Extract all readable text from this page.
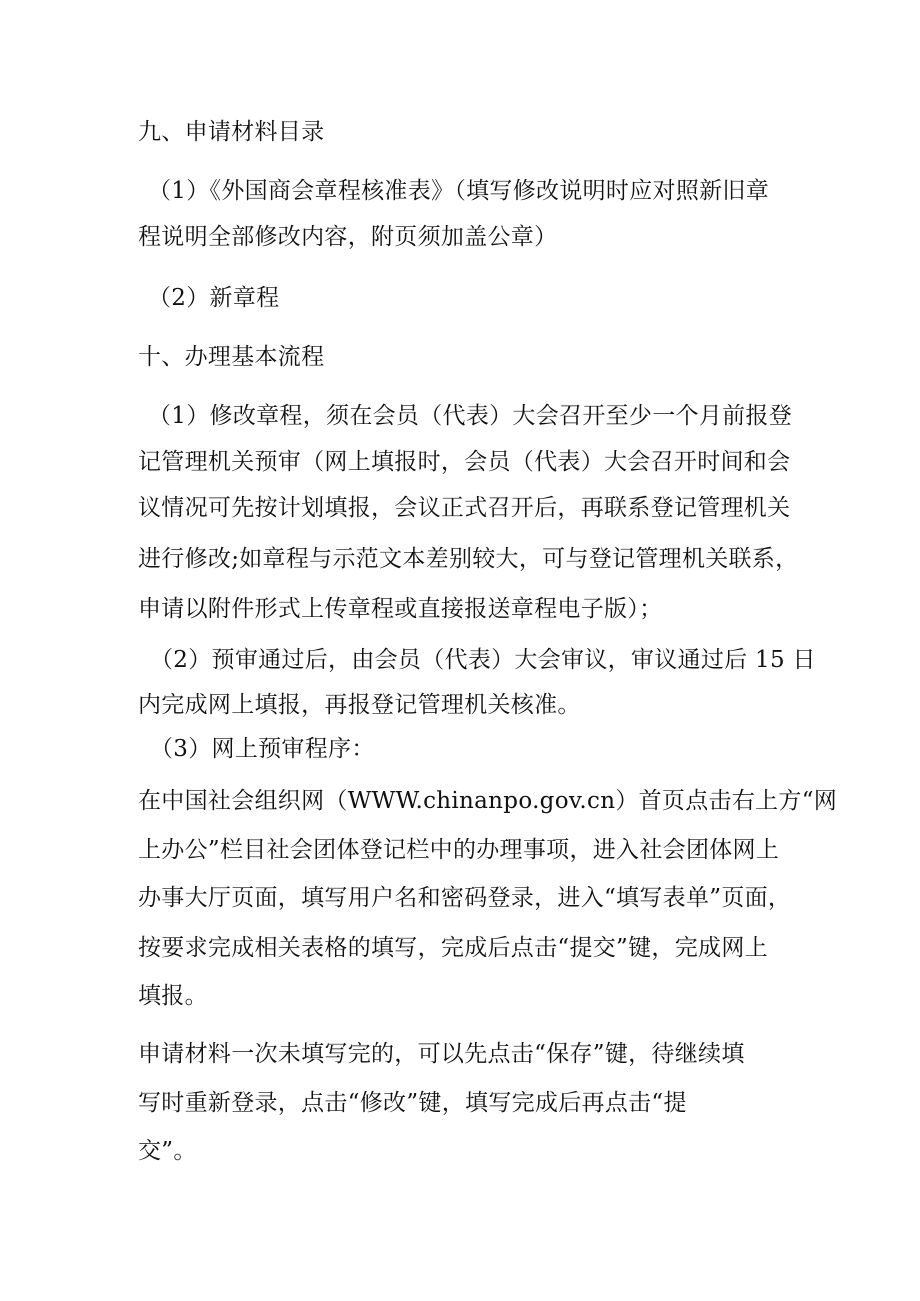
九、申请材料目录

（1）《外国商会章程核准表》（填写修改说明时应对照新旧章

程说明全部修改内容，附页须加盖公章）

（2）新章程

十、办理基本流程

（1）修改章程，须在会员（代表）大会召开至少一个月前报登

记管理机关预审（网上填报时，会员（代表）大会召开时间和会

议情况可先按计划填报，会议正式召开后，再联系登记管理机关

进行修改;如章程与示范文本差别较大，可与登记管理机关联系，

申请以附件形式上传章程或直接报送章程电子版）；

（2）预审通过后，由会员（代表）大会审议，审议通过后 15 日

内完成网上填报，再报登记管理机关核准。

（3）网上预审程序：

在中国社会组织网（WWW.chinanpo.gov.cn）首页点击右上方“网

上办公”栏目社会团体登记栏中的办理事项，进入社会团体网上

办事大厅页面，填写用户名和密码登录，进入“填写表单”页面，

按要求完成相关表格的填写，完成后点击“提交”键，完成网上

填报。

申请材料一次未填写完的，可以先点击“保存”键，待继续填

写时重新登录，点击“修改”键，填写完成后再点击“提

交”。
